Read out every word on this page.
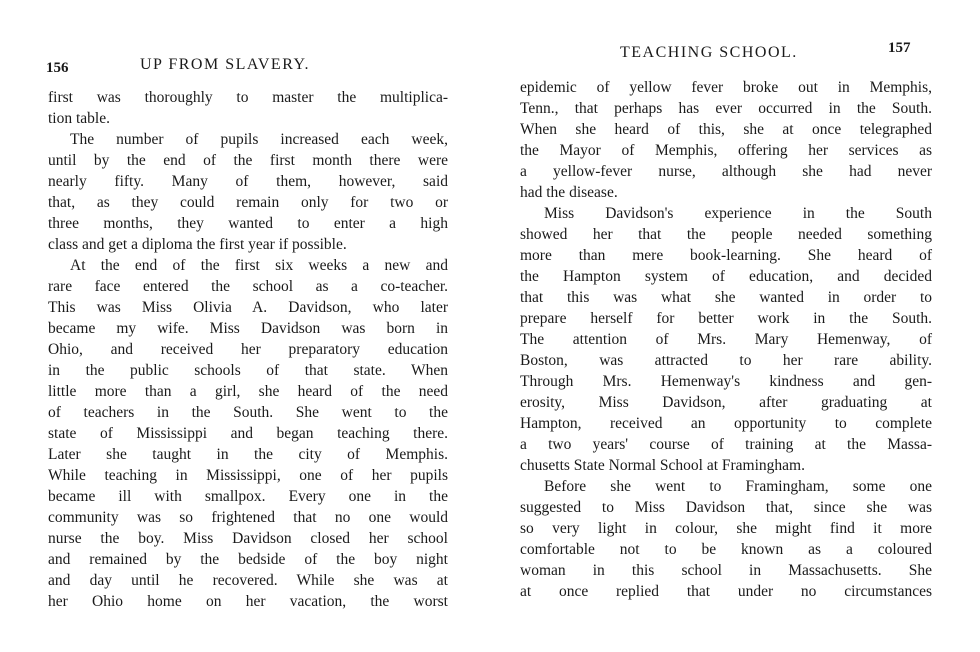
156	UP FROM SLAVERY.
first was thoroughly to master the multiplica-
tion table.
The number of pupils increased each week,
until by the end of the first month there were
nearly fifty. Many of them, however, said
that, as they could remain only for two or
three months, they wanted to enter a high
class and get a diploma the first year if possible.
At the end of the first six weeks a new and
rare face entered the school as a co-teacher.
This was Miss Olivia A. Davidson, who later
became my wife. Miss Davidson was born in
Ohio, and received her preparatory education
in the public schools of that state. When
little more than a girl, she heard of the need
of teachers in the South. She went to the
state of Mississippi and began teaching there.
Later she taught in the city of Memphis.
While teaching in Mississippi, one of her pupils
became ill with smallpox. Every one in the
community was so frightened that no one would
nurse the boy. Miss Davidson closed her school
and remained by the bedside of the boy night
and day until he recovered. While she was at
her Ohio home on her vacation, the worst
TEACHING SCHOOL.	157
epidemic of yellow fever broke out in Memphis,
Tenn., that perhaps has ever occurred in the South.
When she heard of this, she at once telegraphed
the Mayor of Memphis, offering her services as
a yellow-fever nurse, although she had never
had the disease.
Miss Davidson's experience in the South
showed her that the people needed something
more than mere book-learning. She heard of
the Hampton system of education, and decided
that this was what she wanted in order to
prepare herself for better work in the South.
The attention of Mrs. Mary Hemenway, of
Boston, was attracted to her rare ability.
Through Mrs. Hemenway's kindness and gen-
erosity, Miss Davidson, after graduating at
Hampton, received an opportunity to complete
a two years' course of training at the Massa-
chusetts State Normal School at Framingham.
Before she went to Framingham, some one
suggested to Miss Davidson that, since she was
so very light in colour, she might find it more
comfortable not to be known as a coloured
woman in this school in Massachusetts. She
at once replied that under no circumstances
